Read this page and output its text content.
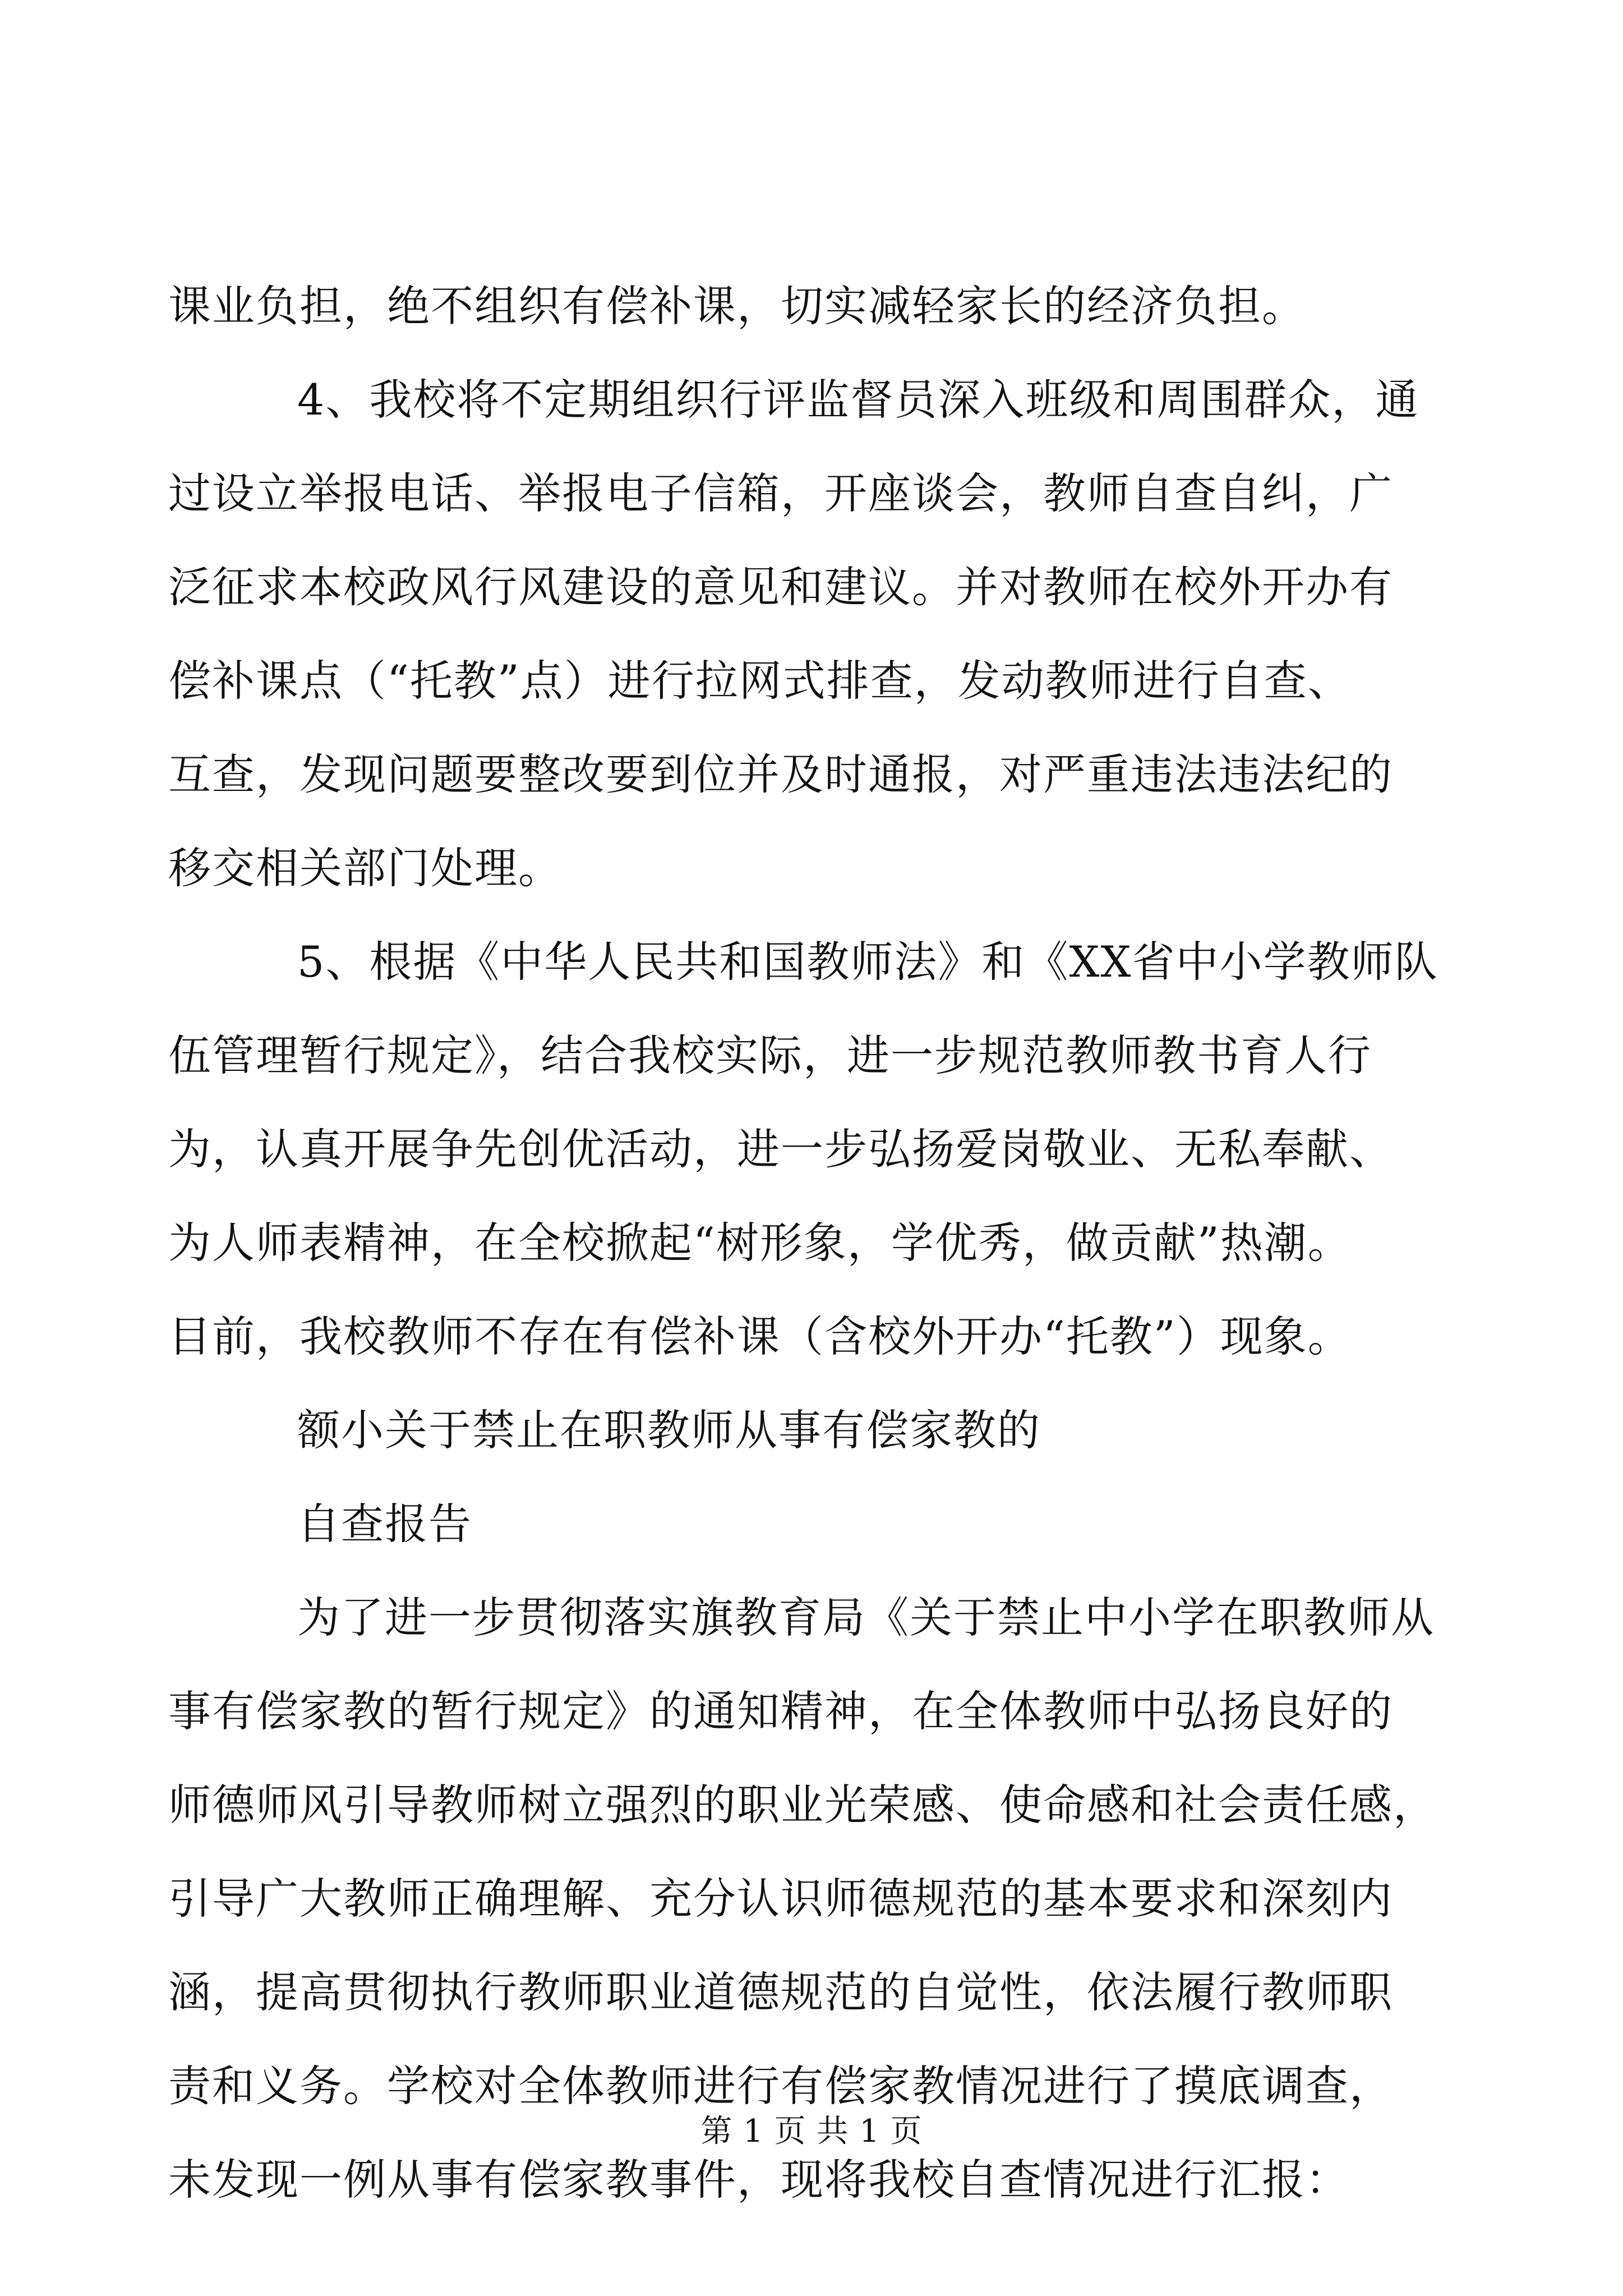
课业负担，绝不组织有偿补课，切实减轻家长的经济负担。
4、我校将不定期组织行评监督员深入班级和周围群众，通
过设立举报电话、举报电子信箱，开座谈会，教师自查自纠，广
泛征求本校政风行风建设的意见和建议。并对教师在校外开办有
偿补课点（“托教”点）进行拉网式排查，发动教师进行自查、
互查，发现问题要整改要到位并及时通报，对严重违法违法纪的
移交相关部门处理。
5、根据《中华人民共和国教师法》和《XX省中小学教师队
伍管理暂行规定》，结合我校实际，进一步规范教师教书育人行
为，认真开展争先创优活动，进一步弘扬爱岗敬业、无私奉献、
为人师表精神，在全校掀起“树形象，学优秀，做贡献”热潮。
目前，我校教师不存在有偿补课（含校外开办“托教”）现象。
额小关于禁止在职教师从事有偿家教的
自查报告
为了进一步贯彻落实旗教育局《关于禁止中小学在职教师从
事有偿家教的暂行规定》的通知精神，在全体教师中弘扬良好的
师德师风引导教师树立强烈的职业光荣感、使命感和社会责任感，
引导广大教师正确理解、充分认识师德规范的基本要求和深刻内
涵，提高贯彻执行教师职业道德规范的自觉性，依法履行教师职
责和义务。学校对全体教师进行有偿家教情况进行了摸底调查，
未发现一例从事有偿家教事件，现将我校自查情况进行汇报：
第 1 页 共 1 页
